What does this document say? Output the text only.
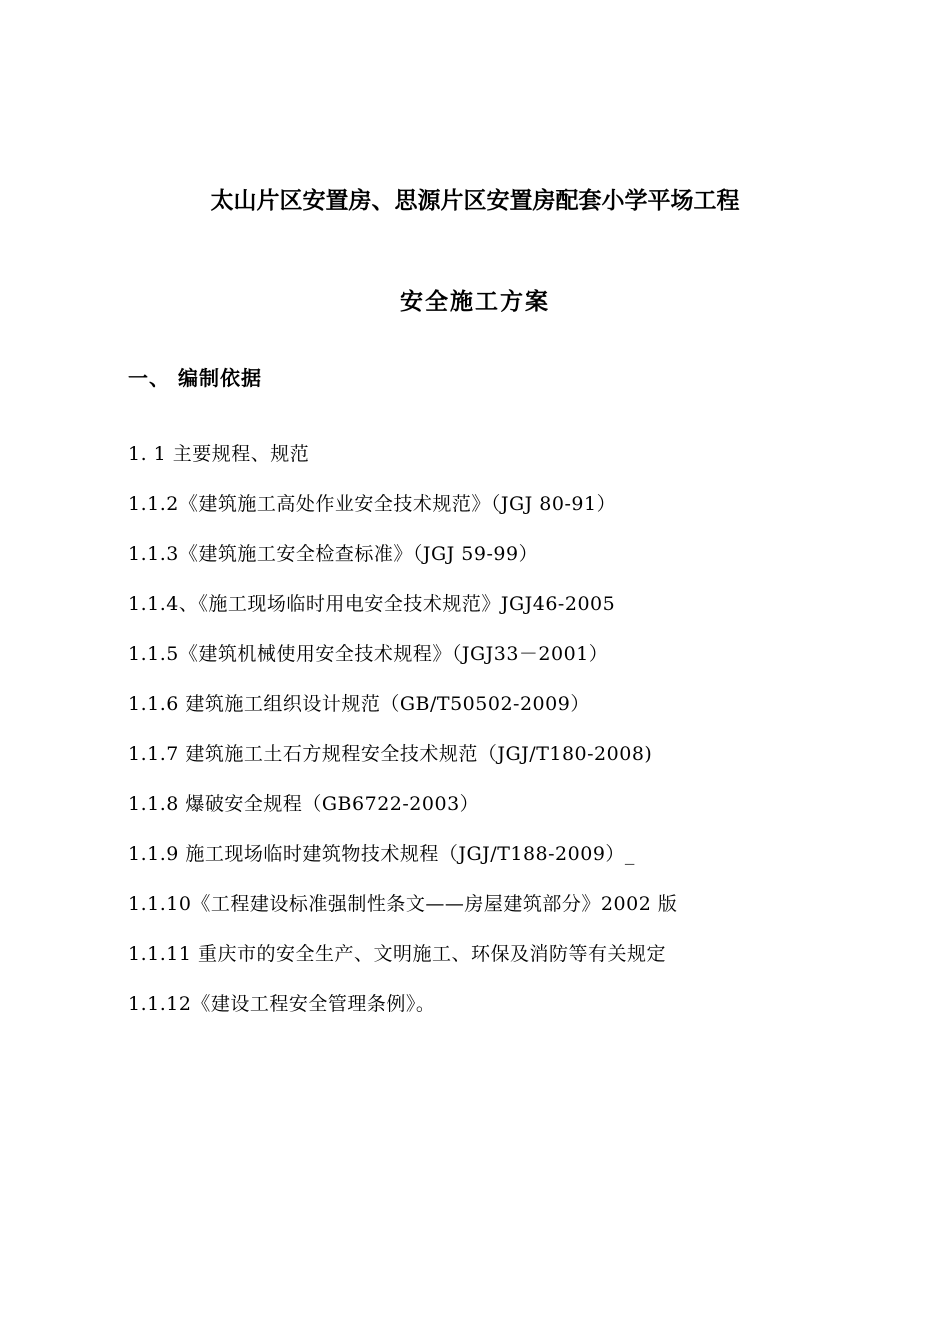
太山片区安置房、思源片区安置房配套小学平场工程
安全施工方案
一、 编制依据
1. 1 主要规程、规范
1.1.2《建筑施工高处作业安全技术规范》（JGJ 80-91）
1.1.3《建筑施工安全检查标准》（JGJ 59-99）
1.1.4、《施工现场临时用电安全技术规范》JGJ46-2005
1.1.5《建筑机械使用安全技术规程》（JGJ33－2001）
1.1.6 建筑施工组织设计规范（GB/T50502-2009）
1.1.7 建筑施工土石方规程安全技术规范（JGJ/T180-2008)
1.1.8 爆破安全规程（GB6722-2003）
1.1.9 施工现场临时建筑物技术规程（JGJ/T188-2009）_
1.1.10《工程建设标准强制性条文——房屋建筑部分》2002 版
1.1.11 重庆市的安全生产、文明施工、环保及消防等有关规定
1.1.12《建设工程安全管理条例》。
